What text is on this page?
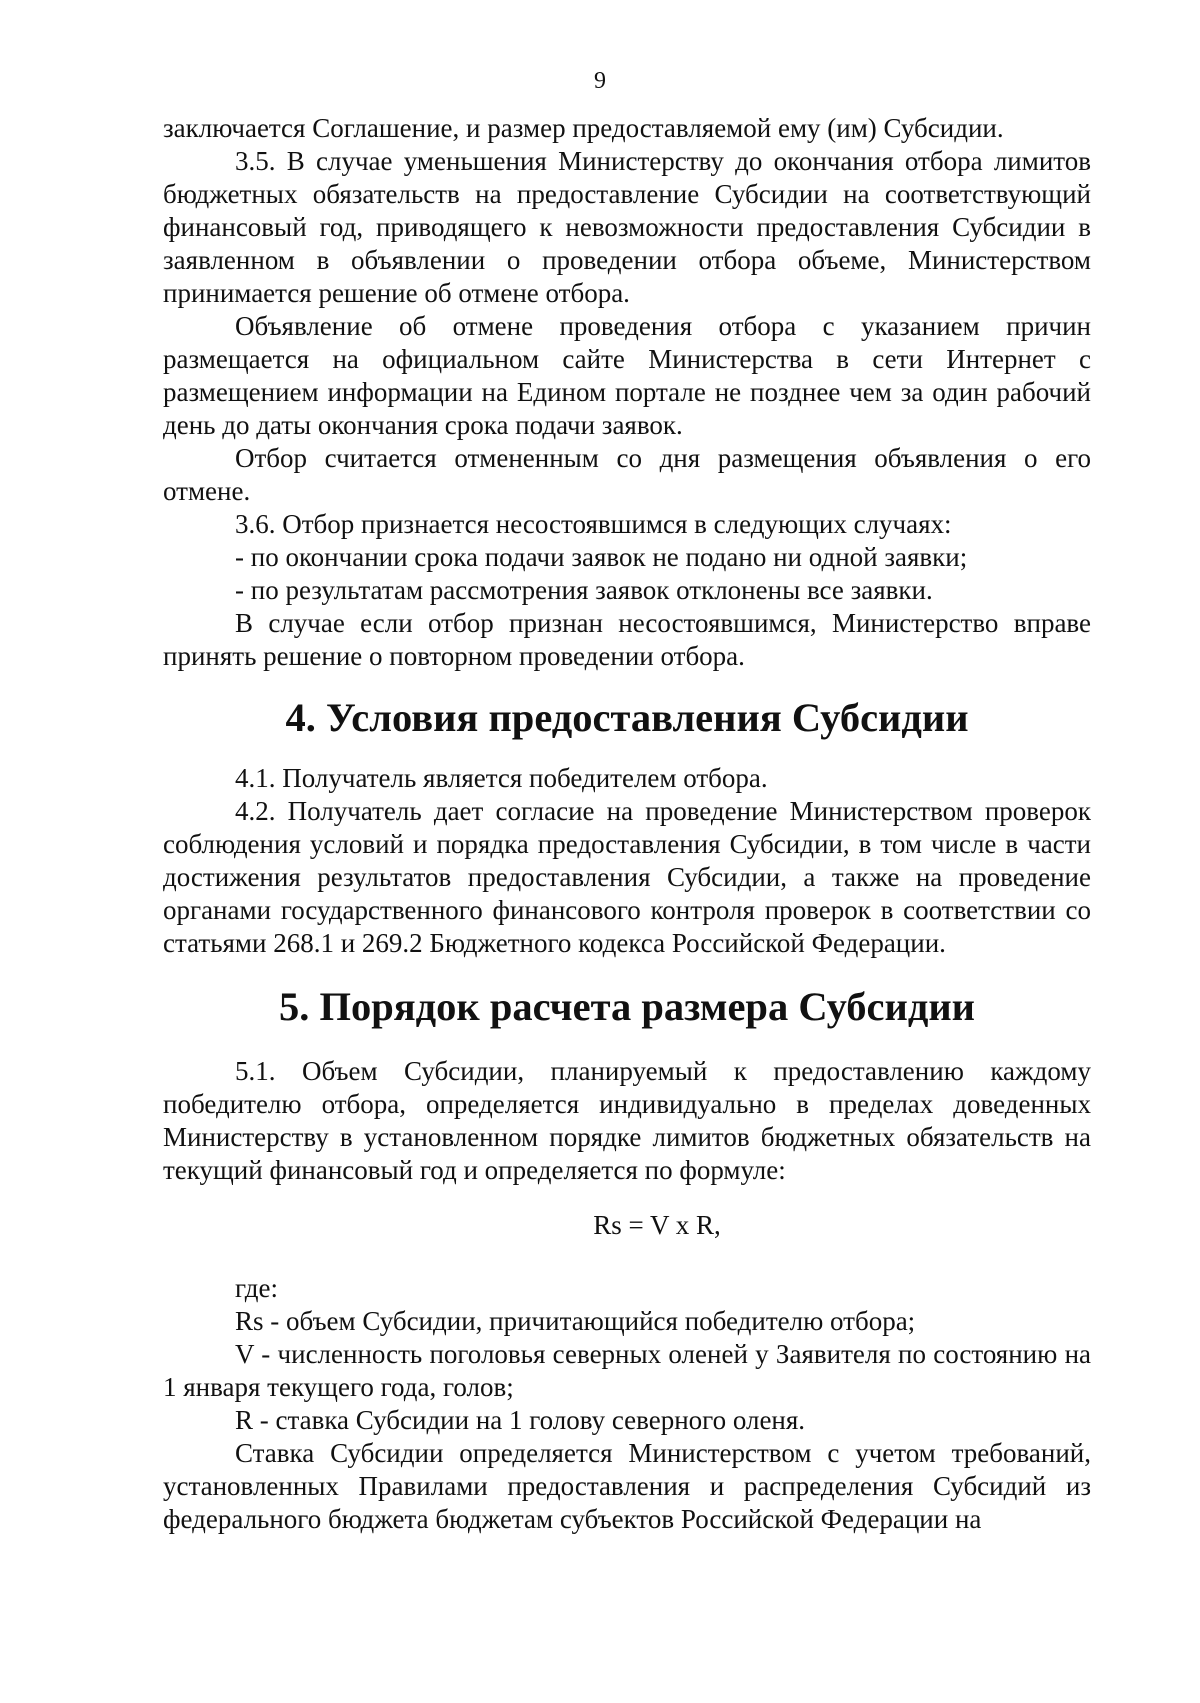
9

заключается Соглашение, и размер предоставляемой ему (им) Субсидии.

3.5. В случае уменьшения Министерству до окончания отбора лимитов бюджетных обязательств на предоставление Субсидии на соответствующий финансовый год, приводящего к невозможности предоставления Субсидии в заявленном в объявлении о проведении отбора объеме, Министерством принимается решение об отмене отбора.

Объявление об отмене проведения отбора с указанием причин размещается на официальном сайте Министерства в сети Интернет с размещением информации на Едином портале не позднее чем за один рабочий день до даты окончания срока подачи заявок.

Отбор считается отмененным со дня размещения объявления о его отмене.

3.6. Отбор признается несостоявшимся в следующих случаях:

- по окончании срока подачи заявок не подано ни одной заявки;

- по результатам рассмотрения заявок отклонены все заявки.

В случае если отбор признан несостоявшимся, Министерство вправе принять решение о повторном проведении отбора.

4. Условия предоставления Субсидии

4.1. Получатель является победителем отбора.

4.2. Получатель дает согласие на проведение Министерством проверок соблюдения условий и порядка предоставления Субсидии, в том числе в части достижения результатов предоставления Субсидии, а также на проведение органами государственного финансового контроля проверок в соответствии со статьями 268.1 и 269.2 Бюджетного кодекса Российской Федерации.

5. Порядок расчета размера Субсидии

5.1. Объем Субсидии, планируемый к предоставлению каждому победителю отбора, определяется индивидуально в пределах доведенных Министерству в установленном порядке лимитов бюджетных обязательств на текущий финансовый год и определяется по формуле:

Rs = V x R,

где:

Rs - объем Субсидии, причитающийся победителю отбора;

V - численность поголовья северных оленей у Заявителя по состоянию на 1 января текущего года, голов;

R - ставка Субсидии на 1 голову северного оленя.

Ставка Субсидии определяется Министерством с учетом требований, установленных Правилами предоставления и распределения Субсидий из федерального бюджета бюджетам субъектов Российской Федерации на
